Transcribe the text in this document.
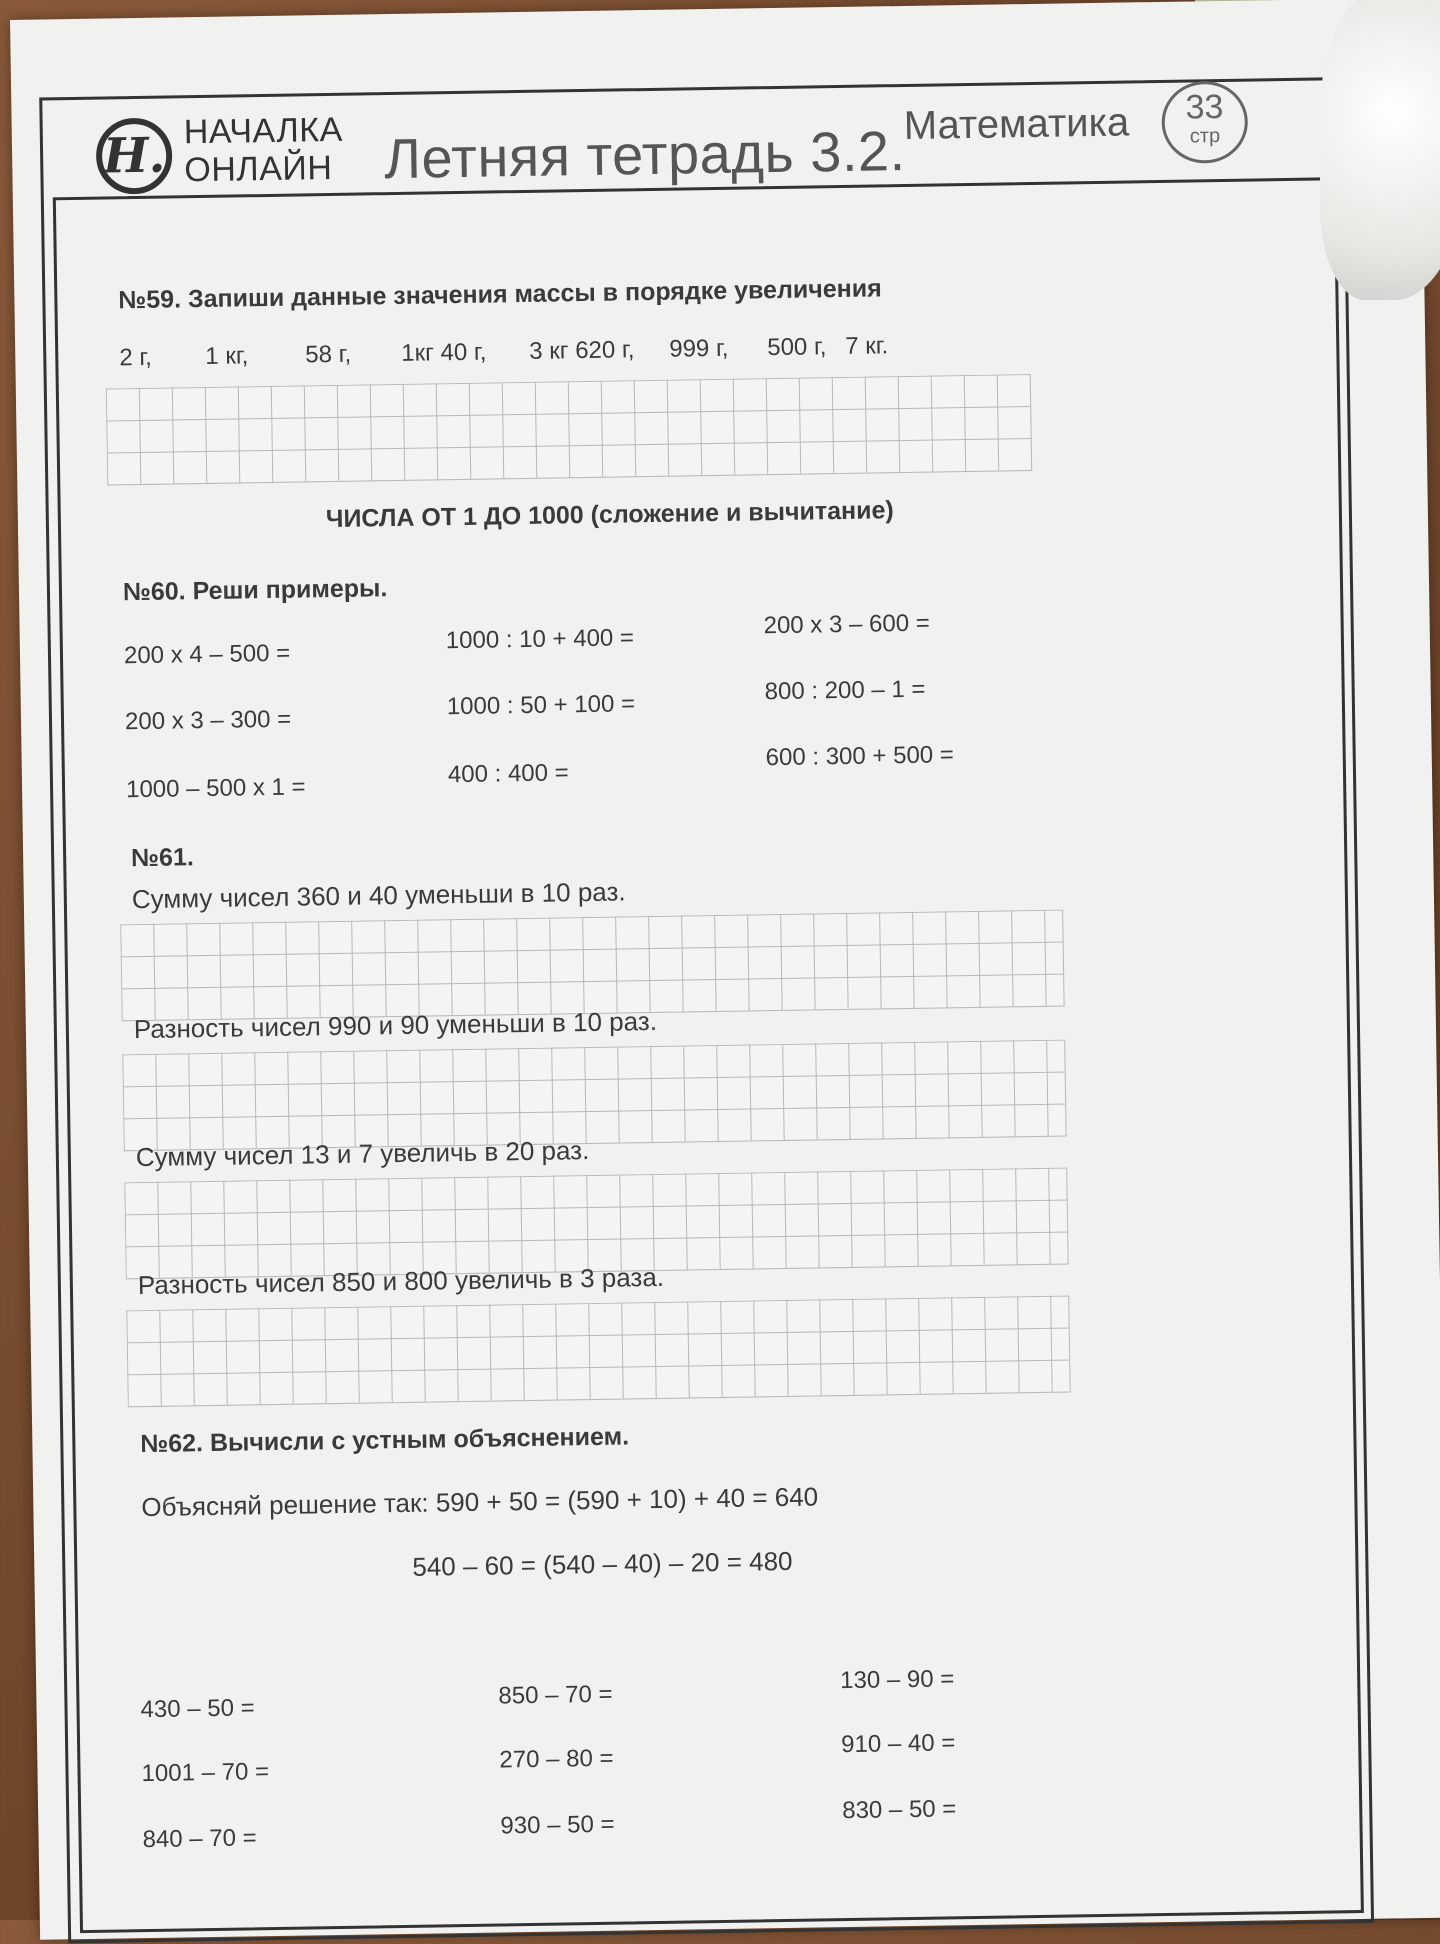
Н. НАЧАЛКА
ОНЛАЙН Летняя тетрадь 3.2.
Математика	33
стр
№59. Запиши данные значения массы в порядке увеличения
2 г, 1 кг, 58 г, 1кг 40 г, 3 кг 620 г, 999 г, 500 г, 7 кг.
ЧИСЛА ОТ 1 ДО 1000 (сложение и вычитание)
№60. Реши примеры.
200 x 4 – 500 =
200 x 3 – 300 =
1000 – 500 x 1 =
1000 : 10 + 400 =
1000 : 50 + 100 =
400 : 400 =
200 x 3 – 600 =
800 : 200 – 1 =
600 : 300 + 500 =
№61.
Сумму чисел 360 и 40 уменьши в 10 раз.
Разность чисел 990 и 90 уменьши в 10 раз.
Сумму чисел 13 и 7 увеличь в 20 раз.
Разность чисел 850 и 800 увеличь в 3 раза.
№62. Вычисли с устным объяснением.
Объясняй решение так: 590 + 50 = (590 + 10) + 40 = 640
540 – 60 = (540 – 40) – 20 = 480
430 – 50 =
1001 – 70 =
840 – 70 =
850 – 70 =
270 – 80 =
930 – 50 =
130 – 90 =
910 – 40 =
830 – 50 =
